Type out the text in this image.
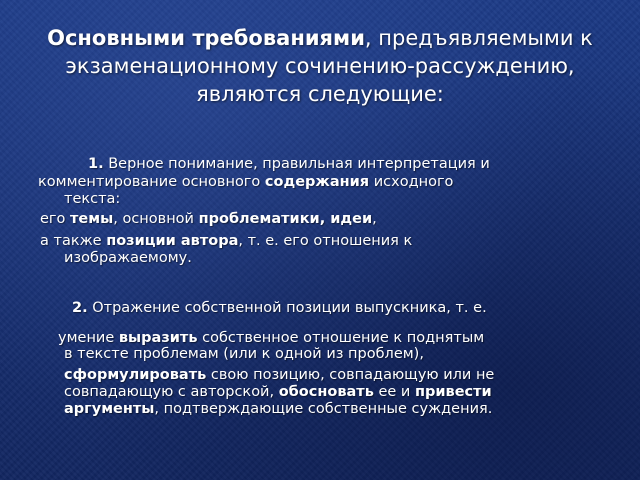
Основными требованиями, предъявляемыми к экзаменационному сочинению-рассуждению, являются следующие:
1. Верное понимание, правильная интерпретация и
комментирование основного содержания исходного
текста:
его темы, основной проблематики, идеи,
а также позиции автора, т. е. его отношения к
изображаемому.
2. Отражение собственной позиции выпускника, т. е.
умение выразить собственное отношение к поднятым
в тексте проблемам (или к одной из проблем),
сформулировать свою позицию, совпадающую или не
совпадающую с авторской, обосновать ее и привести
аргументы, подтверждающие собственные суждения.
